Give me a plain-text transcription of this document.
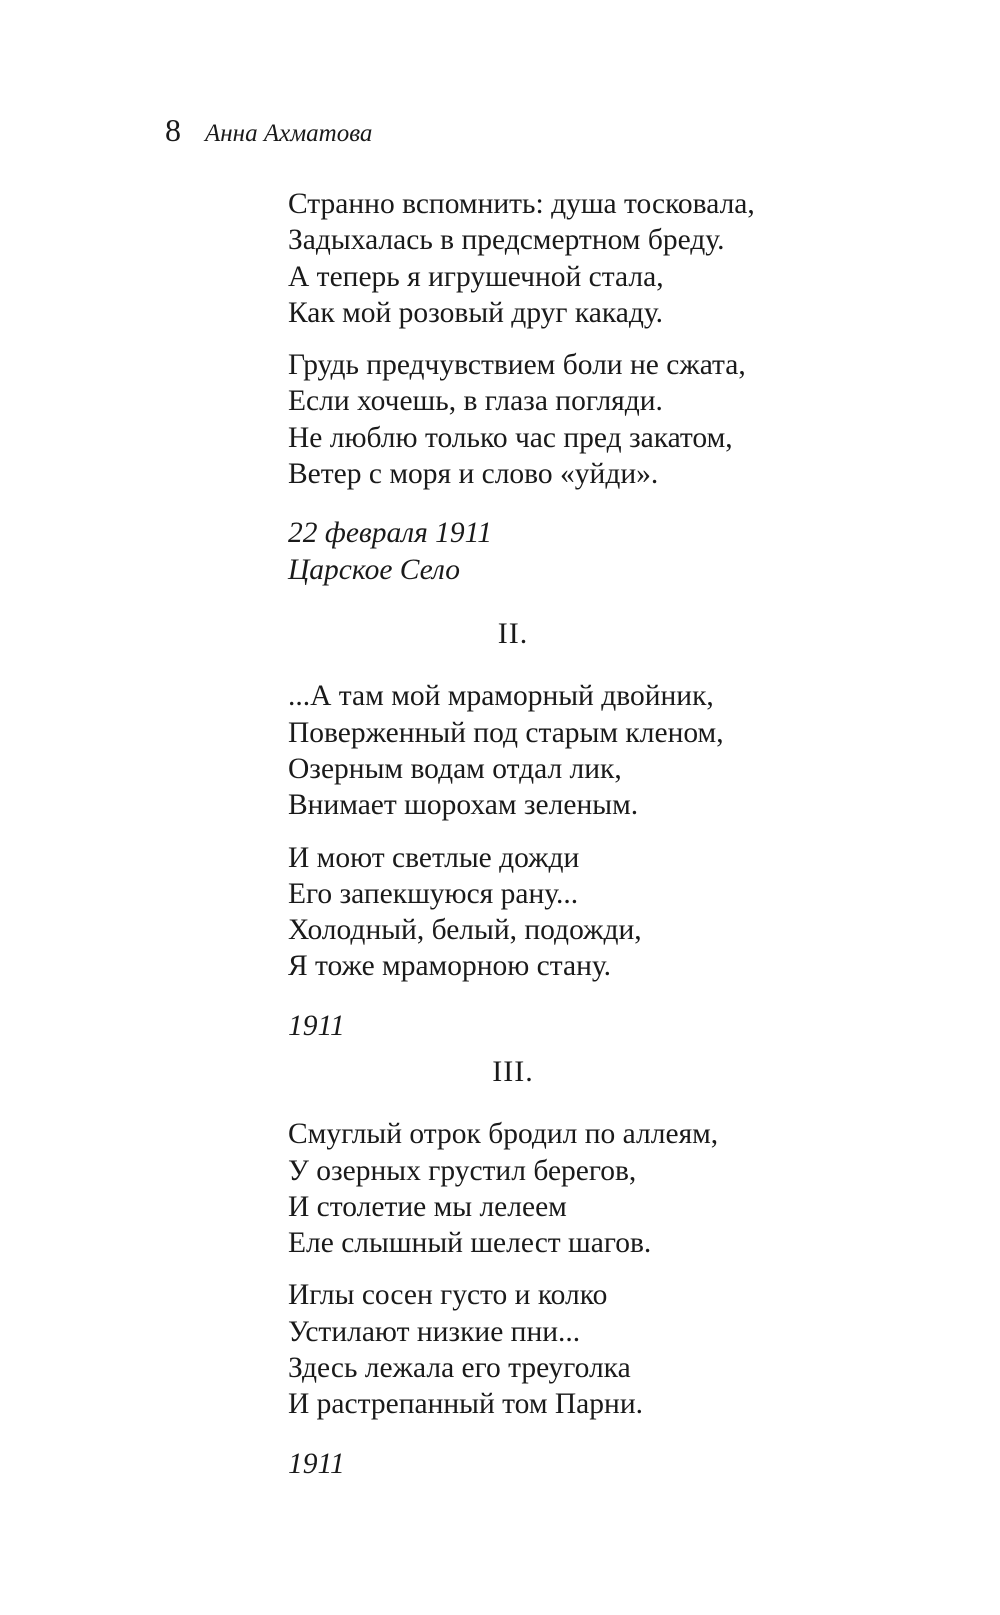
8 Анна Ахматова
Странно вспомнить: душа тосковала,
Задыхалась в предсмертном бреду.
А теперь я игрушечной стала,
Как мой розовый друг какаду.
Грудь предчувствием боли не сжата,
Если хочешь, в глаза погляди.
Не люблю только час пред закатом,
Ветер с моря и слово «уйди».
22 февраля 1911
Царское Село
II.
...А там мой мраморный двойник,
Поверженный под старым кленом,
Озерным водам отдал лик,
Внимает шорохам зеленым.
И моют светлые дожди
Его запекшуюся рану...
Холодный, белый, подожди,
Я тоже мраморною стану.
1911
III.
Смуглый отрок бродил по аллеям,
У озерных грустил берегов,
И столетие мы лелеем
Еле слышный шелест шагов.
Иглы сосен густо и колко
Устилают низкие пни...
Здесь лежала его треуголка
И растрепанный том Парни.
1911
